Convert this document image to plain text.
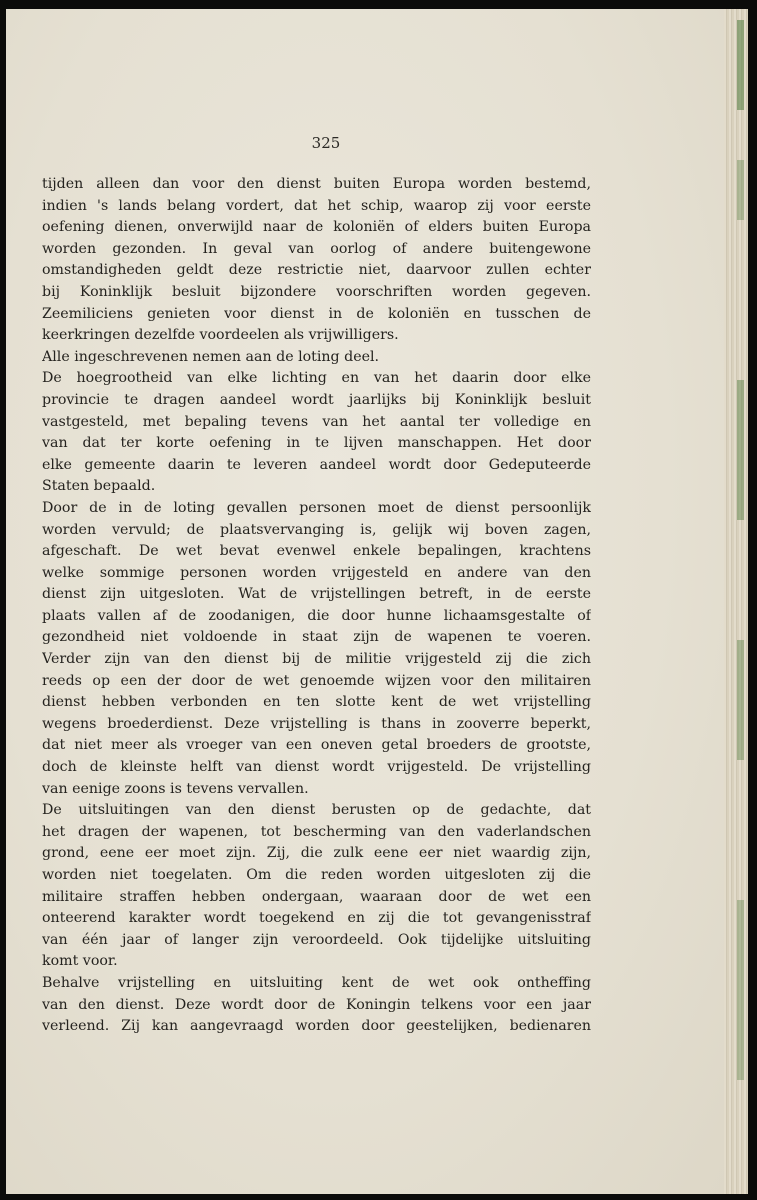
325

tijden alleen dan voor den dienst buiten Europa worden bestemd,
indien 's lands belang vordert, dat het schip, waarop zij voor eerste
oefening dienen, onverwijld naar de koloniën of elders buiten Europa
worden gezonden. In geval van oorlog of andere buitengewone
omstandigheden geldt deze restrictie niet, daarvoor zullen echter
bij Koninklijk besluit bijzondere voorschriften worden gegeven.
Zeemiliciens genieten voor dienst in de koloniën en tusschen de
keerkringen dezelfde voordeelen als vrijwilligers.
Alle ingeschrevenen nemen aan de loting deel.
De hoegrootheid van elke lichting en van het daarin door elke
provincie te dragen aandeel wordt jaarlijks bij Koninklijk besluit
vastgesteld, met bepaling tevens van het aantal ter volledige en
van dat ter korte oefening in te lijven manschappen. Het door
elke gemeente daarin te leveren aandeel wordt door Gedeputeerde
Staten bepaald.
Door de in de loting gevallen personen moet de dienst persoonlijk
worden vervuld; de plaatsvervanging is, gelijk wij boven zagen,
afgeschaft. De wet bevat evenwel enkele bepalingen, krachtens
welke sommige personen worden vrijgesteld en andere van den
dienst zijn uitgesloten. Wat de vrijstellingen betreft, in de eerste
plaats vallen af de zoodanigen, die door hunne lichaamsgestalte of
gezondheid niet voldoende in staat zijn de wapenen te voeren.
Verder zijn van den dienst bij de militie vrijgesteld zij die zich
reeds op een der door de wet genoemde wijzen voor den militairen
dienst hebben verbonden en ten slotte kent de wet vrijstelling
wegens broederdienst. Deze vrijstelling is thans in zooverre beperkt,
dat niet meer als vroeger van een oneven getal broeders de grootste,
doch de kleinste helft van dienst wordt vrijgesteld. De vrijstelling
van eenige zoons is tevens vervallen.
De uitsluitingen van den dienst berusten op de gedachte, dat
het dragen der wapenen, tot bescherming van den vaderlandschen
grond, eene eer moet zijn. Zij, die zulk eene eer niet waardig zijn,
worden niet toegelaten. Om die reden worden uitgesloten zij die
militaire straffen hebben ondergaan, waaraan door de wet een
onteerend karakter wordt toegekend en zij die tot gevangenisstraf
van één jaar of langer zijn veroordeeld. Ook tijdelijke uitsluiting
komt voor.
Behalve vrijstelling en uitsluiting kent de wet ook ontheffing
van den dienst. Deze wordt door de Koningin telkens voor een jaar
verleend. Zij kan aangevraagd worden door geestelijken, bedienaren
